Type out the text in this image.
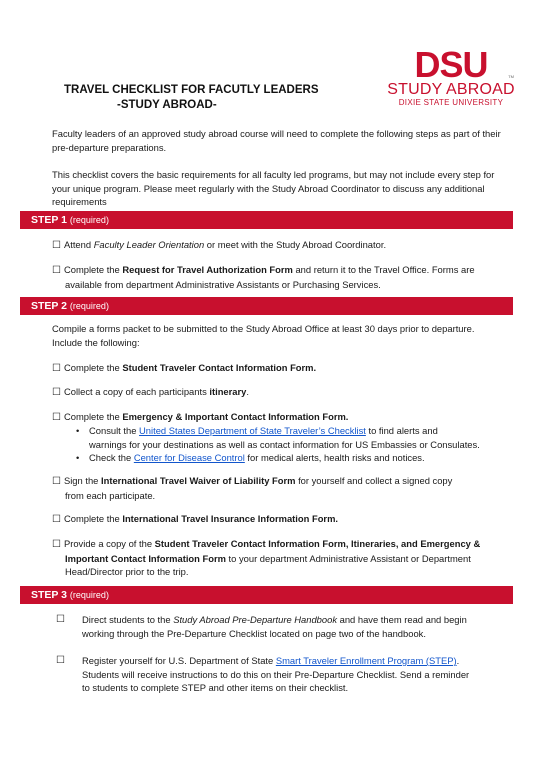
DSU	TM
STUDY ABROAD
DIXIE STATE UNIVERSITY
TRAVEL CHECKLIST FOR FACUTLY LEADERS
-STUDY ABROAD-
Faculty leaders of an approved study abroad course will need to complete the following steps as part of their pre-departure preparations.
This checklist covers the basic requirements for all faculty led programs, but may not include every step for your unique program. Please meet regularly with the Study Abroad Coordinator to discuss any additional requirements
STEP 1 (required)
☐ Attend Faculty Leader Orientation or meet with the Study Abroad Coordinator.
☐ Complete the Request for Travel Authorization Form and return it to the Travel Office. Forms are
available from department Administrative Assistants or Purchasing Services.
STEP 2 (required)
Compile a forms packet to be submitted to the Study Abroad Office at least 30 days prior to departure.
Include the following:
☐ Complete the Student Traveler Contact Information Form.
☐ Collect a copy of each participants itinerary.
☐ Complete the Emergency & Important Contact Information Form.
• Consult the United States Department of State Traveler’s Checklist to find alerts and
warnings for your destinations as well as contact information for US Embassies or Consulates.
• Check the Center for Disease Control for medical alerts, health risks and notices.
☐ Sign the International Travel Waiver of Liability Form for yourself and collect a signed copy
from each participate.
☐ Complete the International Travel Insurance Information Form.
☐ Provide a copy of the Student Traveler Contact Information Form, Itineraries, and Emergency &
Important Contact Information Form to your department Administrative Assistant or Department
Head/Director prior to the trip.
STEP 3 (required)
☐ Direct students to the Study Abroad Pre-Departure Handbook and have them read and begin
working through the Pre-Departure Checklist located on page two of the handbook.
☐ Register yourself for U.S. Department of State Smart Traveler Enrollment Program (STEP).
Students will receive instructions to do this on their Pre-Departure Checklist. Send a reminder
to students to complete STEP and other items on their checklist.
